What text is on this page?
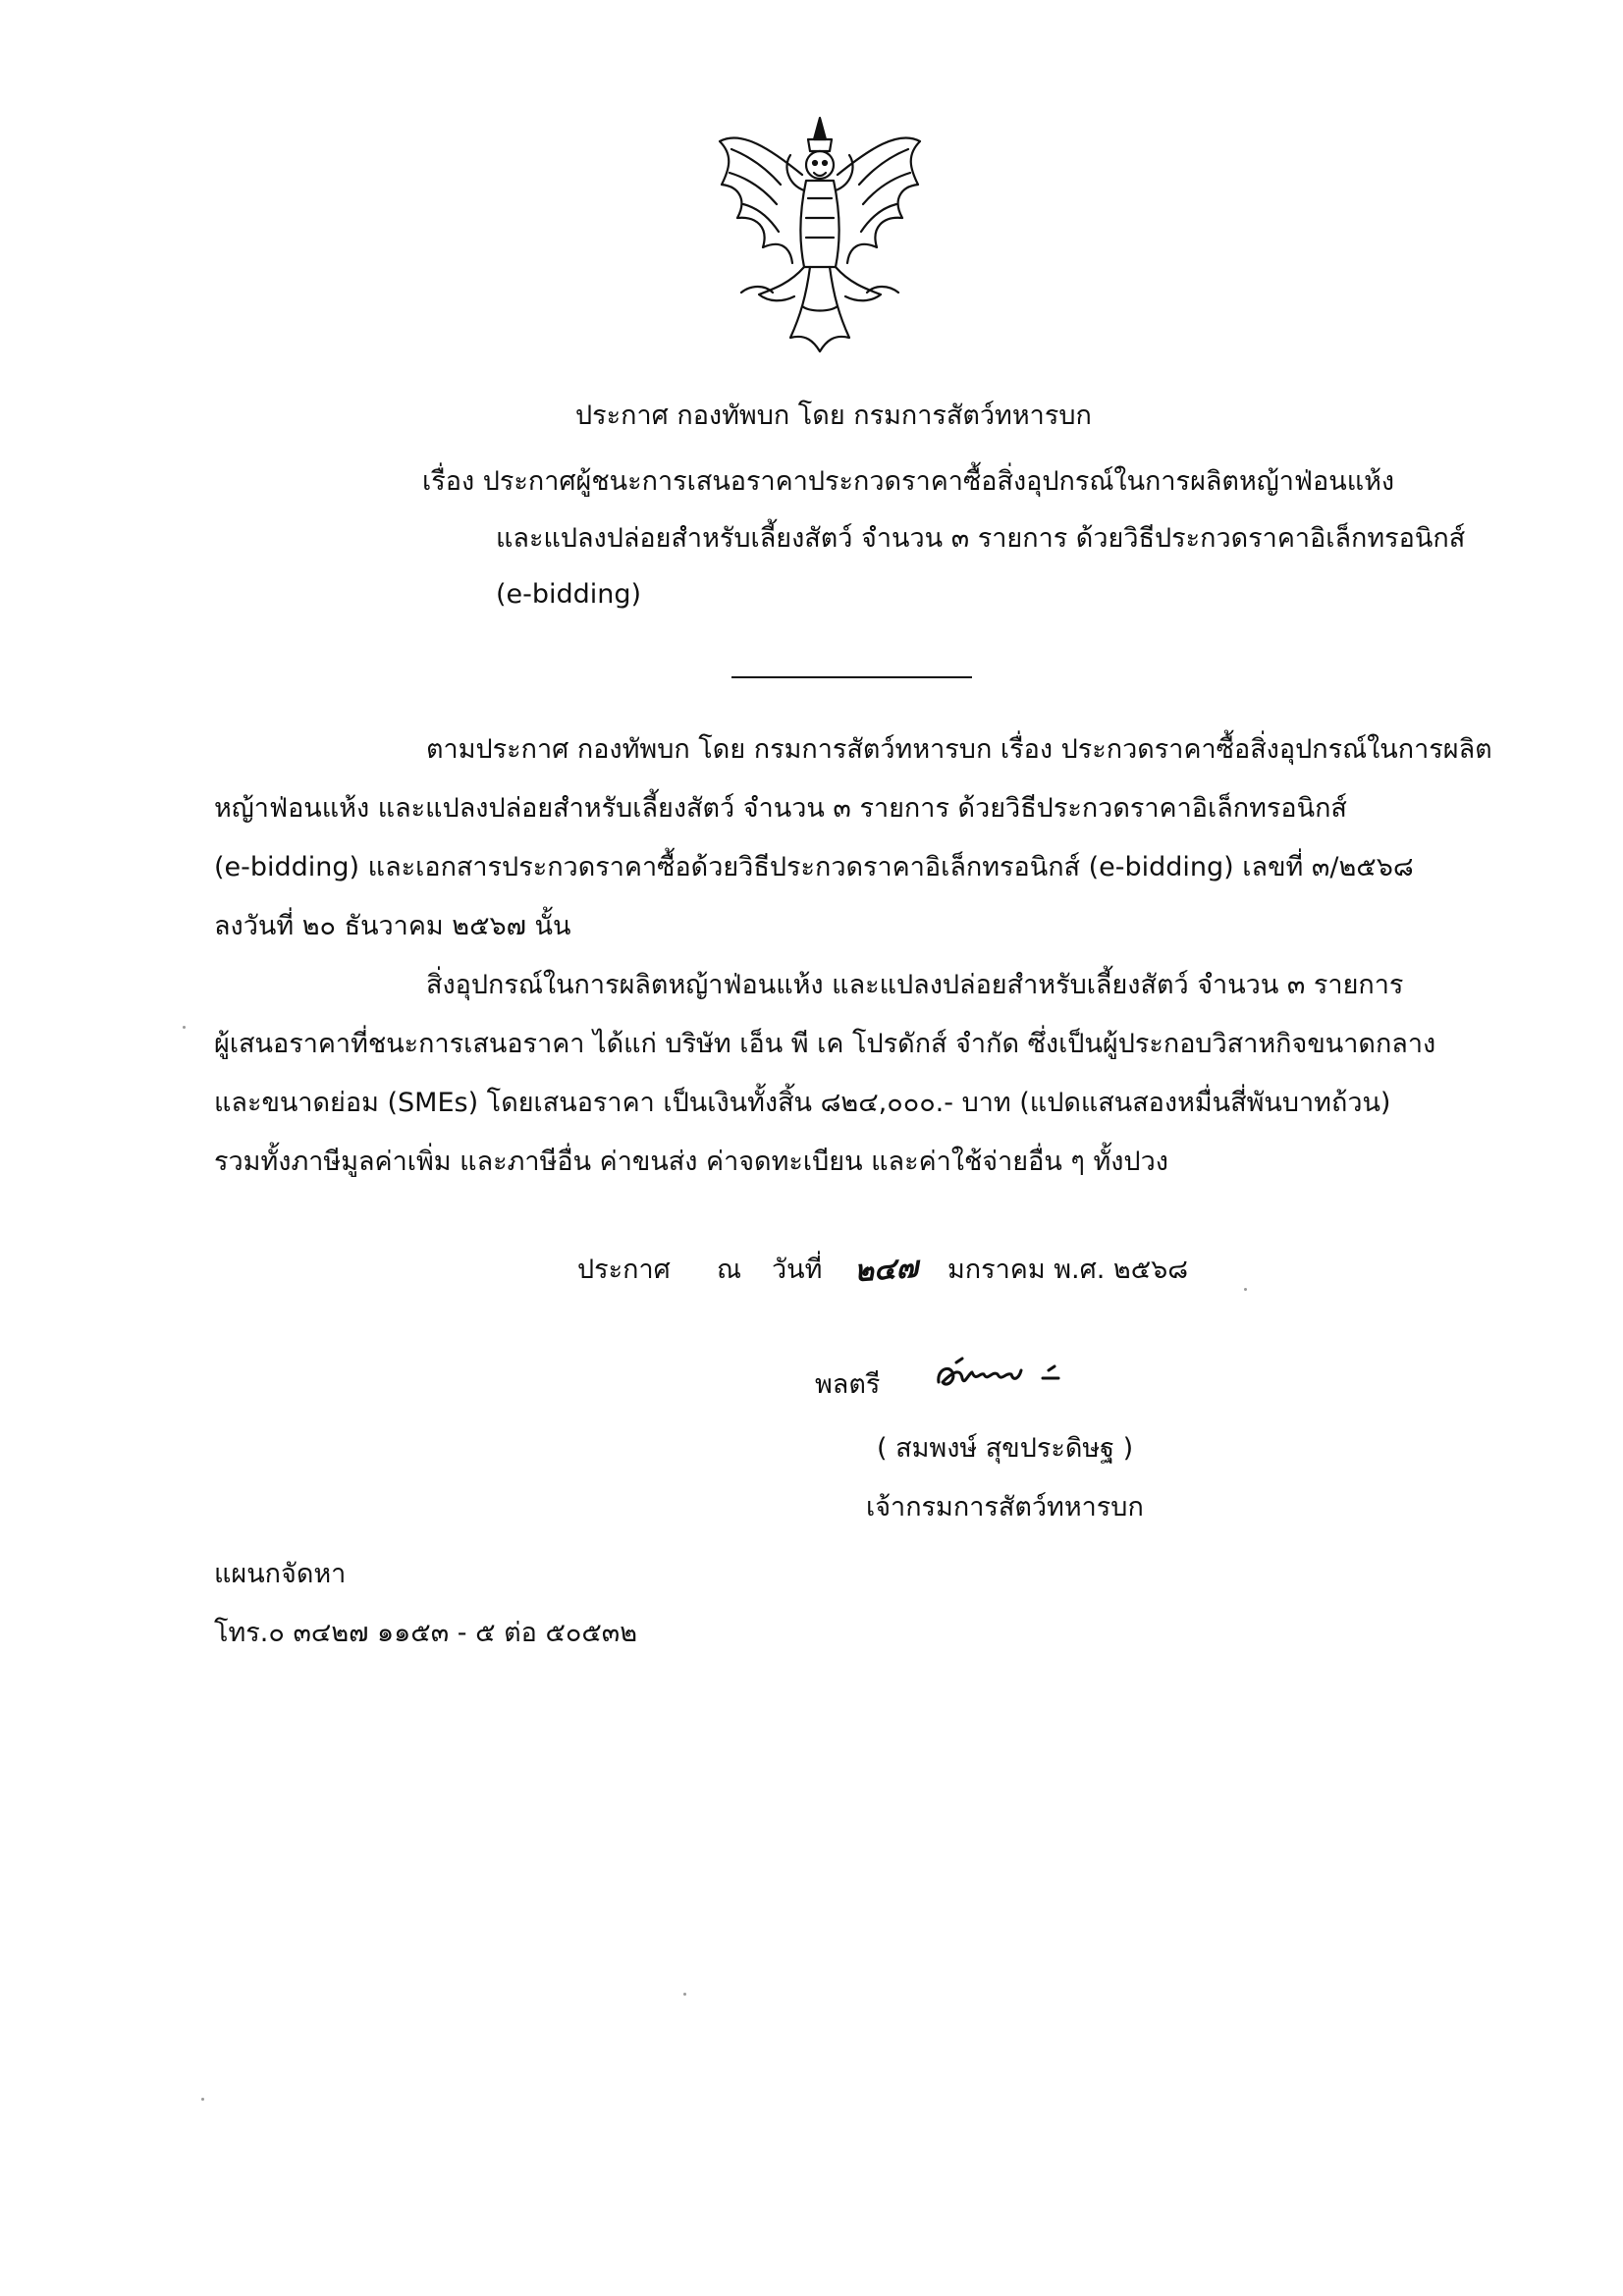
ประกาศ กองทัพบก โดย กรมการสัตว์ทหารบก
เรื่อง ประกาศผู้ชนะการเสนอราคาประกวดราคาซื้อสิ่งอุปกรณ์ในการผลิตหญ้าฟ่อนแห้ง
และแปลงปล่อยสำหรับเลี้ยงสัตว์ จำนวน ๓ รายการ ด้วยวิธีประกวดราคาอิเล็กทรอนิกส์
(e-bidding)
ตามประกาศ กองทัพบก โดย กรมการสัตว์ทหารบก เรื่อง ประกวดราคาซื้อสิ่งอุปกรณ์ในการผลิต
หญ้าฟ่อนแห้ง และแปลงปล่อยสำหรับเลี้ยงสัตว์ จำนวน ๓ รายการ ด้วยวิธีประกวดราคาอิเล็กทรอนิกส์
(e-bidding) และเอกสารประกวดราคาซื้อด้วยวิธีประกวดราคาอิเล็กทรอนิกส์ (e-bidding) เลขที่ ๓/๒๕๖๘
ลงวันที่ ๒๐ ธันวาคม ๒๕๖๗ นั้น
สิ่งอุปกรณ์ในการผลิตหญ้าฟ่อนแห้ง และแปลงปล่อยสำหรับเลี้ยงสัตว์ จำนวน ๓ รายการ
ผู้เสนอราคาที่ชนะการเสนอราคา ได้แก่ บริษัท เอ็น พี เค โปรดักส์ จำกัด ซึ่งเป็นผู้ประกอบวิสาหกิจขนาดกลาง
และขนาดย่อม (SMEs) โดยเสนอราคา เป็นเงินทั้งสิ้น ๘๒๔,๐๐๐.- บาท (แปดแสนสองหมื่นสี่พันบาทถ้วน)
รวมทั้งภาษีมูลค่าเพิ่ม และภาษีอื่น ค่าขนส่ง ค่าจดทะเบียน และค่าใช้จ่ายอื่น ๆ ทั้งปวง
ประกาศ ณ วันที่ ๒๔๗ มกราคม พ.ศ. ๒๕๖๘
พลตรี
( สมพงษ์ สุขประดิษฐ )
เจ้ากรมการสัตว์ทหารบก
แผนกจัดหา
โทร.๐ ๓๔๒๗ ๑๑๕๓ - ๕ ต่อ ๕๐๕๓๒
